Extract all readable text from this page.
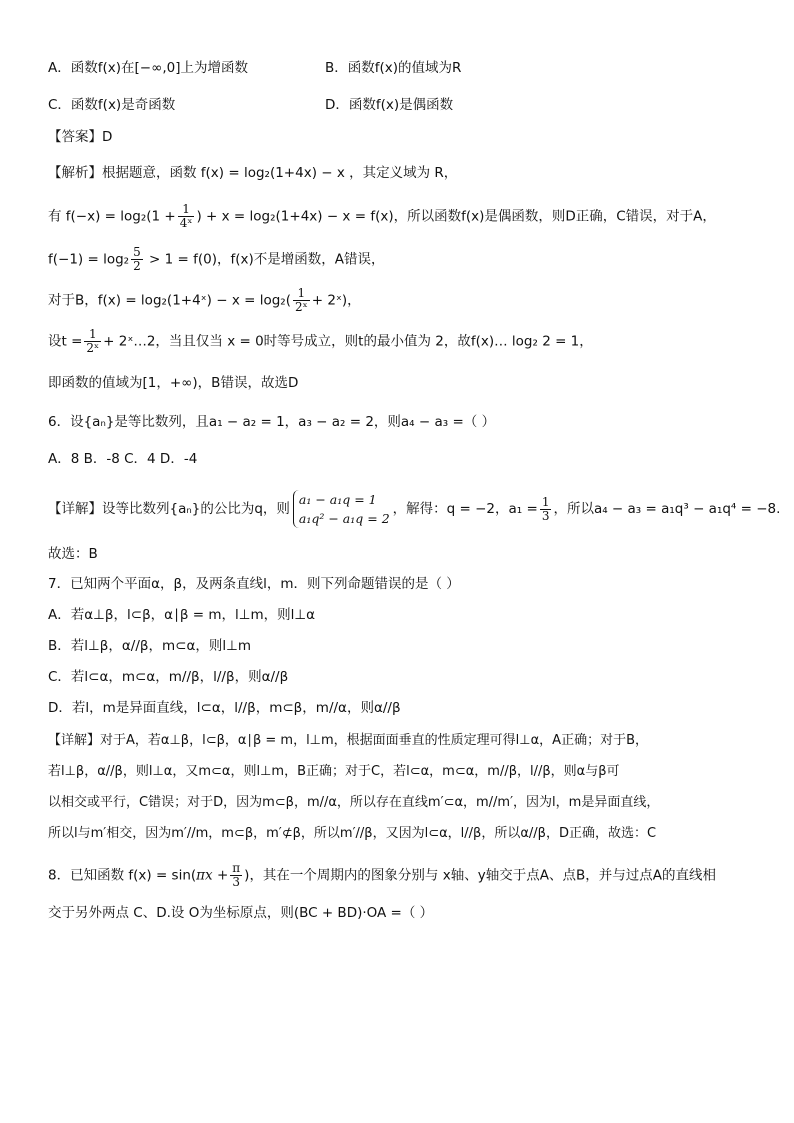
A．函数f(x)在[−∞,0]上为增函数	B．函数f(x)的值域为R
C．函数f(x)是奇函数	D．函数f(x)是偶函数
【答案】D
【解析】根据题意，函数 f(x) = log₂(1+4x) − x ，其定义域为 R，
有 $f(-x) = \log_2(1 + \frac{1}{\text{4ˣ}}$ ) + x = log₂(1+4x) − x = f(x)，所以函数f(x)是偶函数，则D正确，C错误，对于A，
$f(-1) = \log_2 \frac{5}{2} > 1 = f(0)$，f(x)不是增函数，A错误，
对于B，f(x) = log₂(1+4ˣ) − $x = \log_2( \frac{1}{\text{2ˣ}}$ + 2ˣ)，
设$t = \frac{1}{\text{2ˣ}}$ + 2ˣ…2，当且仅当 x = 0时等号成立，则t的最小值为 2，故f(x)… log₂ 2 = 1，
即函数的值域为[1，+∞)，B错误，故选D
6．设{aₙ}是等比数列，且a₁ − a₂ = 1，a₃ − a₂ = 2，则a₄ − a₃ =（ ）
A．8 B．-8 C．4 D．-4
【详解】设等比数列{aₙ}的公比为q，则
a₁ − a₁q = 1
a₁q² − a₁q = 2
，解得：q = −2，$a_1 = \frac{1}{3}$ ，所以a₄ − a₃ = a₁q³ − a₁q⁴ = −8.
故选：B
7．已知两个平面α，β，及两条直线l，m．则下列命题错误的是（ ）
A．若α⊥β，l⊂β，α∣β = m，l⊥m，则l⊥α
B．若l⊥β，α//β，m⊂α，则l⊥m
C．若l⊂α，m⊂α，m//β，l//β，则α//β
D．若l，m是异面直线，l⊂α，l//β，m⊂β，m//α，则α//β
【详解】对于A，若α⊥β，l⊂β，α∣β = m，l⊥m，根据面面垂直的性质定理可得l⊥α，A正确；对于B，
若l⊥β，α//β，则l⊥α，又m⊂α，则l⊥m，B正确；对于C，若l⊂α，m⊂α，m//β，l//β，则α与β可
以相交或平行，C错误；对于D，因为m⊂β，m//α，所以存在直线m′⊂α，m//m′，因为l，m是异面直线，
所以l与m′相交，因为m′//m，m⊂β，m′⊄β，所以m′//β，又因为l⊂α，l//β，所以α//β，D正确，故选：C
8．已知函数 $f(x) = \sin(\pi x + \frac{\pi}{3}$ )，其在一个周期内的图象分别与 x轴、y轴交于点A、点B，并与过点A的直线相
交于另外两点 C、D.设 O为坐标原点，则(BC + BD)·OA =（ ）
